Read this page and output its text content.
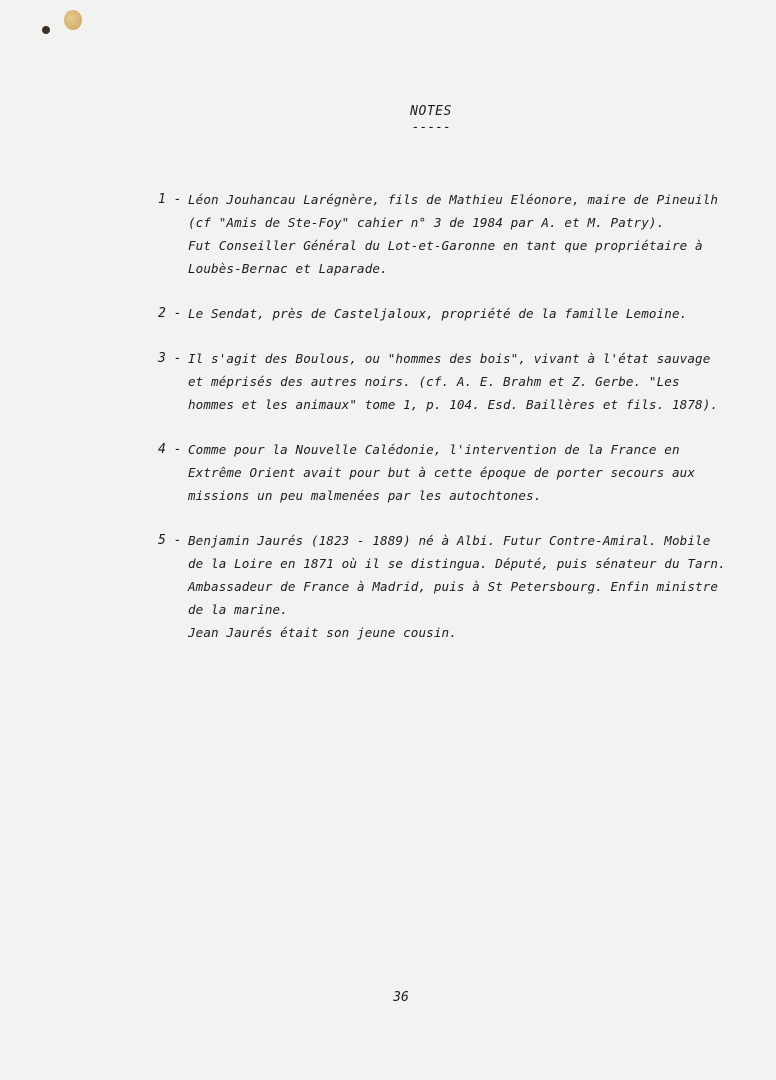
NOTES
-----
1 - Léon Jouhancau Larégnère, fils de Mathieu Eléonore, maire de Pineuilh
(cf "Amis de Ste-Foy" cahier n° 3 de 1984 par A. et M. Patry).
Fut Conseiller Général du Lot-et-Garonne en tant que propriétaire à
Loubès-Bernac et Laparade.
2 - Le Sendat, près de Casteljaloux, propriété de la famille Lemoine.
3 - Il s'agit des Boulous, ou "hommes des bois", vivant à l'état sauvage
et méprisés des autres noirs. (cf. A. E. Brahm et Z. Gerbe. "Les
hommes et les animaux" tome 1, p. 104. Esd. Baillères et fils. 1878).
4 - Comme pour la Nouvelle Calédonie, l'intervention de la France en
Extrême Orient avait pour but à cette époque de porter secours aux
missions un peu malmenées par les autochtones.
5 - Benjamin Jaurés (1823 - 1889) né à Albi. Futur Contre-Amiral. Mobile
de la Loire en 1871 où il se distingua. Député, puis sénateur du Tarn.
Ambassadeur de France à Madrid, puis à St Petersbourg. Enfin ministre
de la marine.
Jean Jaurés était son jeune cousin.
36
